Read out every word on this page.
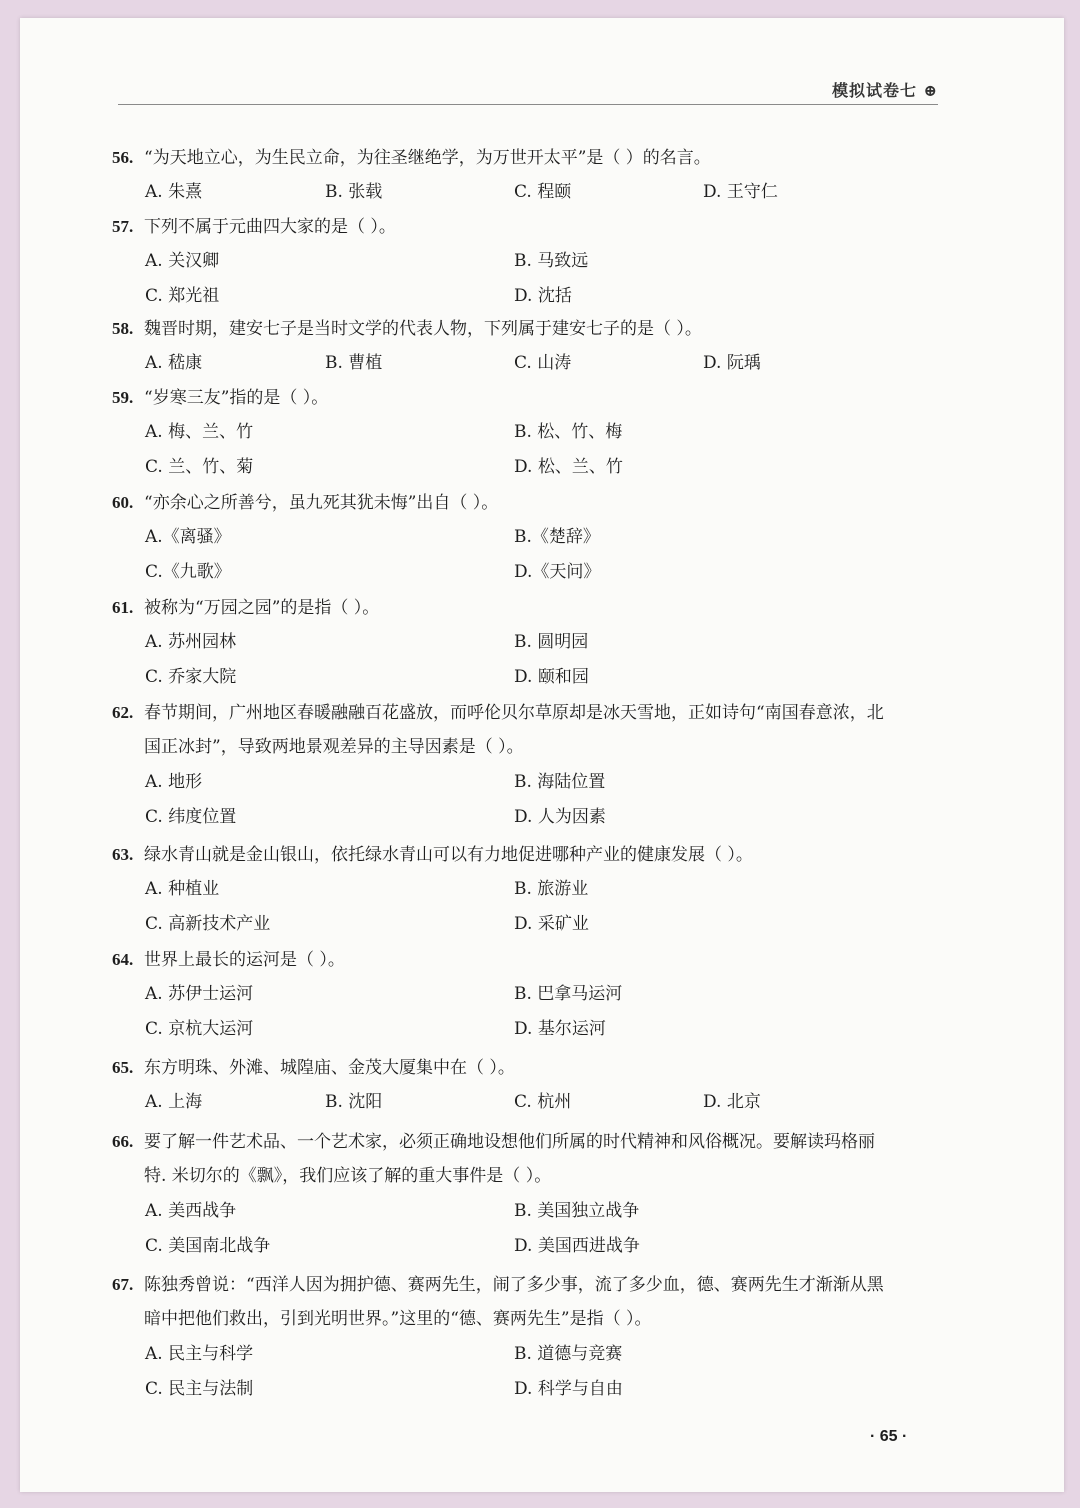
模拟试卷七 ⊕
56. “为天地立心，为生民立命，为往圣继绝学，为万世开太平”是（ ）的名言。
A. 朱熹	B. 张载	C. 程颐	D. 王守仁
57. 下列不属于元曲四大家的是（ ）。
A. 关汉卿	B. 马致远
C. 郑光祖	D. 沈括
58. 魏晋时期，建安七子是当时文学的代表人物，下列属于建安七子的是（ ）。
A. 嵇康	B. 曹植	C. 山涛	D. 阮瑀
59. “岁寒三友”指的是（ ）。
A. 梅、兰、竹	B. 松、竹、梅
C. 兰、竹、菊	D. 松、兰、竹
60. “亦余心之所善兮，虽九死其犹未悔”出自（ ）。
A.《离骚》	B.《楚辞》
C.《九歌》	D.《天问》
61. 被称为“万园之园”的是指（ ）。
A. 苏州园林	B. 圆明园
C. 乔家大院	D. 颐和园
62. 春节期间，广州地区春暖融融百花盛放，而呼伦贝尔草原却是冰天雪地，正如诗句“南国春意浓，北
国正冰封”，导致两地景观差异的主导因素是（ ）。
A. 地形	B. 海陆位置
C. 纬度位置	D. 人为因素
63. 绿水青山就是金山银山，依托绿水青山可以有力地促进哪种产业的健康发展（ ）。
A. 种植业	B. 旅游业
C. 高新技术产业	D. 采矿业
64. 世界上最长的运河是（ ）。
A. 苏伊士运河	B. 巴拿马运河
C. 京杭大运河	D. 基尔运河
65. 东方明珠、外滩、城隍庙、金茂大厦集中在（ ）。
A. 上海	B. 沈阳	C. 杭州	D. 北京
66. 要了解一件艺术品、一个艺术家，必须正确地设想他们所属的时代精神和风俗概况。要解读玛格丽
特. 米切尔的《飘》，我们应该了解的重大事件是（ ）。
A. 美西战争	B. 美国独立战争
C. 美国南北战争	D. 美国西进战争
67. 陈独秀曾说：“西洋人因为拥护德、赛两先生，闹了多少事，流了多少血，德、赛两先生才渐渐从黑
暗中把他们救出，引到光明世界。”这里的“德、赛两先生”是指（ ）。
A. 民主与科学	B. 道德与竞赛
C. 民主与法制	D. 科学与自由
· 65 ·
